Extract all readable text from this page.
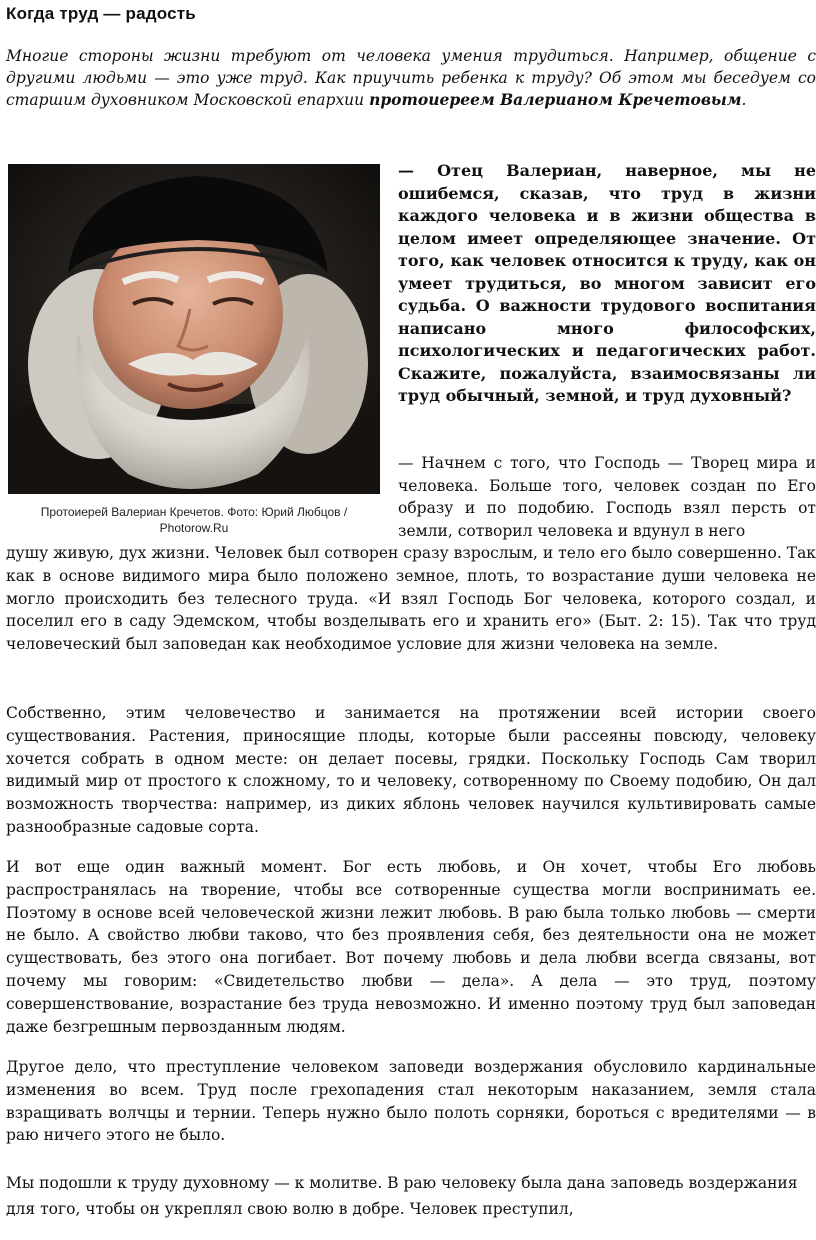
Когда труд — радость
Многие стороны жизни требуют от человека умения трудиться. Например, общение с другими людьми — это уже труд. Как приучить ребенка к труду? Об этом мы беседуем со старшим духовником Московской епархии протоиереем Валерианом Кречетовым.
Протоиерей Валериан Кречетов. Фото: Юрий Любцов / Photorow.Ru
— Отец Валериан, наверное, мы не ошибемся, сказав, что труд в жизни каждого человека и в жизни общества в целом имеет определяющее значение. От того, как человек относится к труду, как он умеет трудиться, во многом зависит его судьба. О важности трудового воспитания написано много философских, психологических и педагогических работ. Скажите, пожалуйста, взаимосвязаны ли труд обычный, земной, и труд духовный?
— Начнем с того, что Господь — Творец мира и человека. Больше того, человек создан по Его образу и по подобию. Господь взял персть от земли, сотворил человека и вдунул в него
душу живую, дух жизни. Человек был сотворен сразу взрослым, и тело его было совершенно. Так как в основе видимого мира было положено земное, плоть, то возрастание души человека не могло происходить без телесного труда. «И взял Господь Бог человека, которого создал, и поселил его в саду Эдемском, чтобы возделывать его и хранить его» (Быт. 2: 15). Так что труд человеческий был заповедан как необходимое условие для жизни человека на земле.
Собственно, этим человечество и занимается на протяжении всей истории своего существования. Растения, приносящие плоды, которые были рассеяны повсюду, человеку хочется собрать в одном месте: он делает посевы, грядки. Поскольку Господь Сам творил видимый мир от простого к сложному, то и человеку, сотворенному по Своему подобию, Он дал возможность творчества: например, из диких яблонь человек научился культивировать самые разнообразные садовые сорта.
И вот еще один важный момент. Бог есть любовь, и Он хочет, чтобы Его любовь распространялась на творение, чтобы все сотворенные существа могли воспринимать ее. Поэтому в основе всей человеческой жизни лежит любовь. В раю была только любовь — смерти не было. А свойство любви таково, что без проявления себя, без деятельности она не может существовать, без этого она погибает. Вот почему любовь и дела любви всегда связаны, вот почему мы говорим: «Свидетельство любви — дела». А дела — это труд, поэтому совершенствование, возрастание без труда невозможно. И именно поэтому труд был заповедан даже безгрешным первозданным людям.
Другое дело, что преступление человеком заповеди воздержания обусловило кардинальные изменения во всем. Труд после грехопадения стал некоторым наказанием, земля стала взращивать волчцы и тернии. Теперь нужно было полоть сорняки, бороться с вредителями — в раю ничего этого не было.
Мы подошли к труду духовному — к молитве. В раю человеку была дана заповедь воздержания для того, чтобы он укреплял свою волю в добре. Человек преступил,
